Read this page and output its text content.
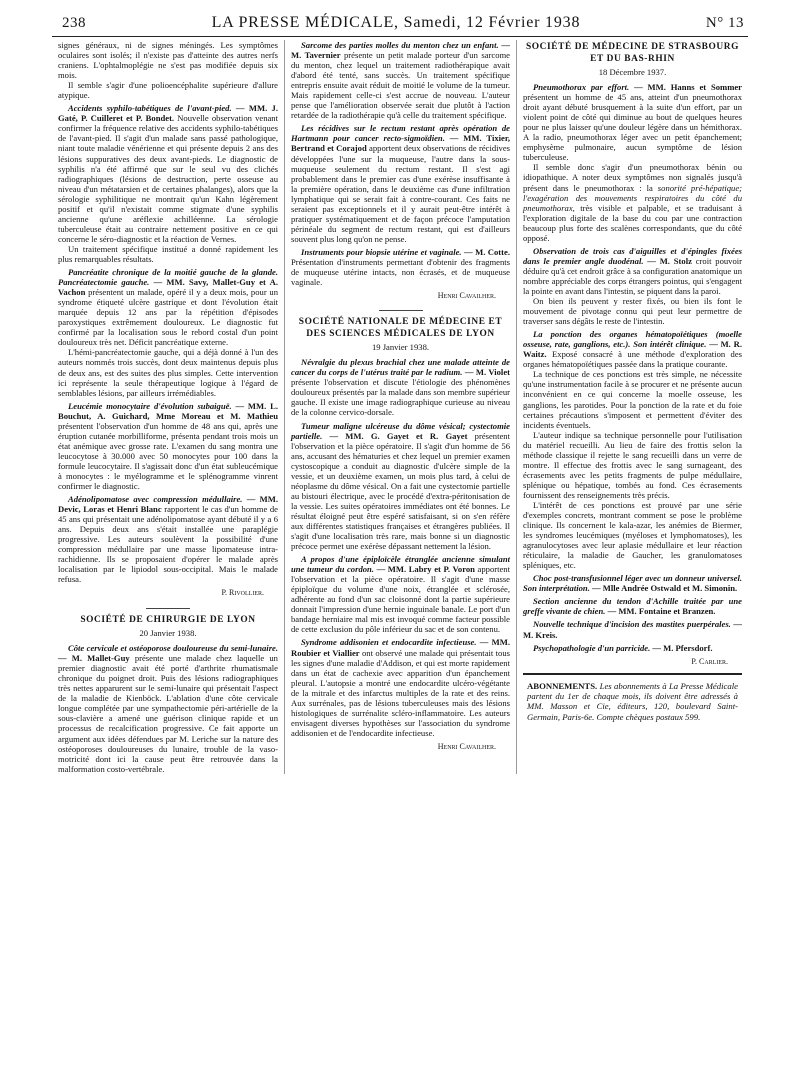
238	LA PRESSE MÉDICALE, Samedi, 12 Février 1938	N° 13

signes généraux, ni de signes méningés. Les symptômes oculaires sont isolés; il n'existe pas d'atteinte des autres nerfs craniens. L'ophtalmoplégie ne s'est pas modifiée depuis six mois.

Il semble s'agir d'une polioencéphalite supérieure d'allure atypique.

Accidents syphilo-tabétiques de l'avant-pied. — MM. J. Gaté, P. Cuilleret et P. Bondet. Nouvelle observation venant confirmer la fréquence relative des accidents syphilo-tabétiques de l'avant-pied. Il s'agit d'un malade sans passé pathologique, niant toute maladie vénérienne et qui présente depuis 2 ans des lésions suppuratives des deux avant-pieds. Le diagnostic de syphilis n'a été affirmé que sur le seul vu des clichés radiographiques (lésions de destruction, perte osseuse au niveau d'un métatarsien et de certaines phalanges), alors que la sérologie syphilitique ne montrait qu'un Kahn légèrement positif et qu'il n'existait comme stigmate d'une syphilis ancienne qu'une aréflexie achilléenne. La sérologie tuberculeuse était au contraire nettement positive en ce qui concerne le séro-diagnostic et la réaction de Vernes.

Un traitement spécifique institué a donné rapidement les plus remarquables résultats.

Pancréatite chronique de la moitié gauche de la glande. Pancréatectomie gauche. — MM. Savy, Mallet-Guy et A. Vachon présentent un malade, opéré il y a deux mois, pour un syndrome étiqueté ulcère gastrique et dont l'évolution était marquée depuis 12 ans par la répétition d'épisodes paroxystiques extrêmement douloureux. Le diagnostic fut confirmé par la localisation sous le rebord costal d'un point douloureux très net. Déficit pancréatique externe.

L'hémi-pancréatectomie gauche, qui a déjà donné à l'un des auteurs nommés trois succès, dont deux maintenus depuis plus de deux ans, est des suites des plus simples. Cette intervention ici représente la seule thérapeutique logique à l'égard de semblables lésions, par ailleurs irrémédiables.

Leucémie monocytaire d'évolution subaiguë. — MM. L. Bouchut, A. Guichard, Mme Moreau et M. Mathieu présentent l'observation d'un homme de 48 ans qui, après une éruption cutanée morbilliforme, présenta pendant trois mois un état anémique avec grosse rate. L'examen du sang montra une leucocytose à 30.000 avec 50 monocytes pour 100 dans la formule leucocytaire. Il s'agissait donc d'un état subleucémique à monocytes : le myélogramme et le splénogramme vinrent confirmer le diagnostic.

Adénolipomatose avec compression médullaire. — MM. Devic, Loras et Henri Blanc rapportent le cas d'un homme de 45 ans qui présentait une adénolipomatose ayant débuté il y a 6 ans. Depuis deux ans s'était installée une paraplégie progressive. Les auteurs soulèvent la possibilité d'une compression médullaire par une masse lipomateuse intra-rachidienne. Ils se proposaient d'opérer le malade après localisation par le lipiodol sous-occipital. Mais le malade refusa.

P. Rivollier.
SOCIÉTÉ DE CHIRURGIE DE LYON
20 Janvier 1938.

Côte cervicale et ostéoporose douloureuse du semi-lunaire. — M. Mallet-Guy présente une malade chez laquelle un premier diagnostic avait été porté d'arthrite rhumatismale chronique du poignet droit. Puis des lésions radiographiques très nettes apparurent sur le semi-lunaire qui présentait l'aspect de la maladie de Kienböck. L'ablation d'une côte cervicale longue complétée par une sympathectomie péri-artérielle de la sous-clavière a amené une guérison clinique rapide et un processus de recalcification progressive. Ce fait apporte un argument aux idées défendues par M. Leriche sur la nature des ostéoporoses douloureuses du lunaire, trouble de la vaso-motricité dont ici la cause peut être retrouvée dans la malformation costo-vertébrale.

Sarcome des parties molles du menton chez un enfant. — M. Tavernier présente un petit malade porteur d'un sarcome du menton, chez lequel un traitement radiothérapique avait d'abord été tenté, sans succès. Un traitement spécifique entrepris ensuite avait réduit de moitié le volume de la tumeur. Mais rapidement celle-ci s'est accrue de nouveau. L'auteur pense que l'amélioration observée serait due plutôt à l'action retardée de la radiothérapie qu'à celle du traitement spécifique.

Les récidives sur le rectum restant après opération de Hartmann pour cancer recto-sigmoïdien. — MM. Tixier, Bertrand et Corajod apportent deux observations de récidives développées l'une sur la muqueuse, l'autre dans la sous-muqueuse seulement du rectum restant. Il s'est agi probablement dans le premier cas d'une exérèse insuffisante à la première opération, dans le deuxième cas d'une infiltration lymphatique qui se serait fait à contre-courant. Ces faits ne seraient pas exceptionnels et il y aurait peut-être intérêt à pratiquer systématiquement et de façon précoce l'amputation périnéale du segment de rectum restant, qui est d'ailleurs souvent plus long qu'on ne pense.

Instruments pour biopsie utérine et vaginale. — M. Cotte. Présentation d'instruments permettant d'obtenir des fragments de muqueuse utérine intacts, non écrasés, et de muqueuse vaginale.

Henri Cavailher.
SOCIÉTÉ NATIONALE DE MÉDECINE ET DES SCIENCES MÉDICALES DE LYON
19 Janvier 1938.

Névralgie du plexus brachial chez une malade atteinte de cancer du corps de l'utérus traité par le radium. — M. Violet présente l'observation et discute l'étiologie des phénomènes douloureux présentés par la malade dans son membre supérieur gauche. Il existe une image radiographique curieuse au niveau de la colonne cervico-dorsale.

Tumeur maligne ulcéreuse du dôme vésical; cystectomie partielle. — MM. G. Gayet et R. Gayet présentent l'observation et la pièce opératoire. Il s'agit d'un homme de 56 ans, accusant des hématuries et chez lequel un premier examen cystoscopique a conduit au diagnostic d'ulcère simple de la vessie, et un deuxième examen, un mois plus tard, à celui de néoplasme du dôme vésical. On a fait une cystectomie partielle au bistouri électrique, avec le procédé d'extra-péritonisation de la vessie. Les suites opératoires immédiates ont été bonnes. Le résultat éloigné peut être espéré satisfaisant, si on s'en réfère aux différentes statistiques françaises et étrangères publiées. Il s'agit d'une localisation très rare, mais bonne si un diagnostic précoce permet une exérèse dépassant nettement la lésion.

A propos d'une épiploïcèle étranglée ancienne simulant une tumeur du cordon. — MM. Labry et P. Voron apportent l'observation et la pièce opératoire. Il s'agit d'une masse épiploïque du volume d'une noix, étranglée et sclérosée, adhérente au fond d'un sac cloisonné dont la partie supérieure donnait l'impression d'une hernie inguinale banale. Le port d'un bandage herniaire mal mis est invoqué comme facteur possible de cette exclusion du pôle inférieur du sac et de son contenu.

Syndrome addisonien et endocardite infectieuse. — MM. Roubier et Viallier ont observé une malade qui présentait tous les signes d'une maladie d'Addison, et qui est morte rapidement dans un état de cachexie avec apparition d'un épanchement pleural. L'autopsie a montré une endocardite ulcéro-végétante de la mitrale et des infarctus multiples de la rate et des reins. Aux surrénales, pas de lésions tuberculeuses mais des lésions histologiques de surrénalite scléro-inflammatoire. Les auteurs envisagent diverses hypothèses sur l'association du syndrome addisonien et de l'endocardite infectieuse.

Henri Cavailher.
SOCIÉTÉ DE MÉDECINE DE STRASBOURG ET DU BAS-RHIN
18 Décembre 1937.

Pneumothorax par effort. — MM. Hanns et Sommer présentent un homme de 45 ans, atteint d'un pneumothorax droit ayant débuté brusquement à la suite d'un effort, par un violent point de côté qui diminue au bout de quelques heures pour ne plus laisser qu'une douleur légère dans un hémithorax. A la radio, pneumothorax léger avec un petit épanchement; emphysème pulmonaire, aucun symptôme de lésion tuberculeuse.

Il semble donc s'agir d'un pneumothorax bénin ou idiopathique. A noter deux symptômes non signalés jusqu'à présent dans le pneumothorax : la sonorité pré-hépatique; l'exagération des mouvements respiratoires du côté du pneumothorax, très visible et palpable, et se traduisant à l'exploration digitale de la base du cou par une contraction beaucoup plus forte des scalènes correspondants, que du côté opposé.

Observation de trois cas d'aiguilles et d'épingles fixées dans le premier angle duodénal. — M. Stolz croit pouvoir déduire qu'à cet endroit grâce à sa configuration anatomique un nombre appréciable des corps étrangers pointus, qui s'engagent la pointe en avant dans l'intestin, se piquent dans la paroi.

On bien ils peuvent y rester fixés, ou bien ils font le mouvement de pivotage connu qui peut leur permettre de traverser sans dégâts le reste de l'intestin.

La ponction des organes hématopoïétiques (moelle osseuse, rate, ganglions, etc.). Son intérêt clinique. — M. R. Waitz. Exposé consacré à une méthode d'exploration des organes hématopoïétiques passée dans la pratique courante.

La technique de ces ponctions est très simple, ne nécessite qu'une instrumentation facile à se procurer et ne présente aucun inconvénient en ce qui concerne la moelle osseuse, les ganglions, les parotides. Pour la ponction de la rate et du foie certaines précautions s'imposent et permettent d'éviter des incidents éventuels.

L'auteur indique sa technique personnelle pour l'utilisation du matériel recueilli. Au lieu de faire des frottis selon la méthode classique il rejette le sang recueilli dans un verre de montre. Il effectue des frottis avec le sang surnageant, des écrasements avec les petits fragments de pulpe médullaire, splénique ou hépatique, tombés au fond. Ces écrasements fournissent des renseignements très précis.

L'intérêt de ces ponctions est prouvé par une série d'exemples concrets, montrant comment se pose le problème clinique. Ils concernent le kala-azar, les anémies de Biermer, les syndromes leucémiques (myéloses et lymphomatoses), les agranulocytoses avec leur aplasie médullaire et leur réaction réticulaire, la maladie de Gaucher, les granulomatoses spléniques, etc.

Choc post-transfusionnel léger avec un donneur universel. Son interprétation. — Mlle Andrée Ostwald et M. Simonin.

Section ancienne du tendon d'Achille traitée par une greffe vivante de chien. — MM. Fontaine et Branzen.

Nouvelle technique d'incision des mastites puerpérales. — M. Kreis.

Psychopathologie d'un parricide. — M. Pfersdorf.

P. Carlier.
ABONNEMENTS. Les abonnements à La Presse Médicale partent du 1er de chaque mois, ils doivent être adressés à MM. Masson et Cie, éditeurs, 120, boulevard Saint-Germain, Paris-6e. Compte chèques postaux 599.
